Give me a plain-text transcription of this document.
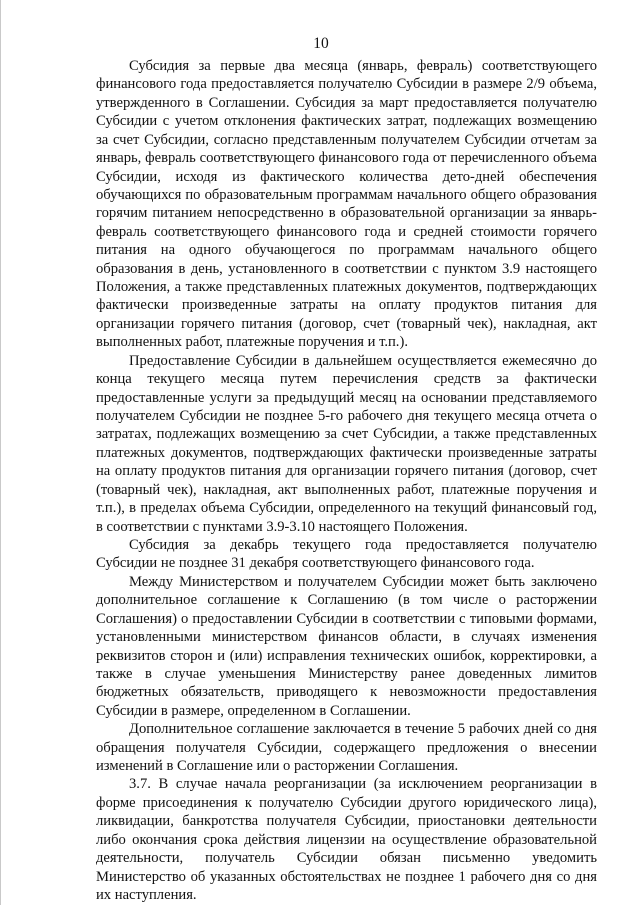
10

Субсидия за первые два месяца (январь, февраль) соответствующего финансового года предоставляется получателю Субсидии в размере 2/9 объема, утвержденного в Соглашении. Субсидия за март предоставляется получателю Субсидии с учетом отклонения фактических затрат, подлежащих возмещению за счет Субсидии, согласно представленным получателем Субсидии отчетам за январь, февраль соответствующего финансового года от перечисленного объема Субсидии, исходя из фактического количества дето-дней обеспечения обучающихся по образовательным программам начального общего образования горячим питанием непосредственно в образовательной организации за январь-февраль соответствующего финансового года и средней стоимости горячего питания на одного обучающегося по программам начального общего образования в день, установленного в соответствии с пунктом 3.9 настоящего Положения, а также представленных платежных документов, подтверждающих фактически произведенные затраты на оплату продуктов питания для организации горячего питания (договор, счет (товарный чек), накладная, акт выполненных работ, платежные поручения и т.п.).

Предоставление Субсидии в дальнейшем осуществляется ежемесячно до конца текущего месяца путем перечисления средств за фактически предоставленные услуги за предыдущий месяц на основании представляемого получателем Субсидии не позднее 5-го рабочего дня текущего месяца отчета о затратах, подлежащих возмещению за счет Субсидии, а также представленных платежных документов, подтверждающих фактически произведенные затраты на оплату продуктов питания для организации горячего питания (договор, счет (товарный чек), накладная, акт выполненных работ, платежные поручения и т.п.), в пределах объема Субсидии, определенного на текущий финансовый год, в соответствии с пунктами 3.9-3.10 настоящего Положения.

Субсидия за декабрь текущего года предоставляется получателю Субсидии не позднее 31 декабря соответствующего финансового года.

Между Министерством и получателем Субсидии может быть заключено дополнительное соглашение к Соглашению (в том числе о расторжении Соглашения) о предоставлении Субсидии в соответствии с типовыми формами, установленными министерством финансов области, в случаях изменения реквизитов сторон и (или) исправления технических ошибок, корректировки, а также в случае уменьшения Министерству ранее доведенных лимитов бюджетных обязательств, приводящего к невозможности предоставления Субсидии в размере, определенном в Соглашении.

Дополнительное соглашение заключается в течение 5 рабочих дней со дня обращения получателя Субсидии, содержащего предложения о внесении изменений в Соглашение или о расторжении Соглашения.

3.7. В случае начала реорганизации (за исключением реорганизации в форме присоединения к получателю Субсидии другого юридического лица), ликвидации, банкротства получателя Субсидии, приостановки деятельности либо окончания срока действия лицензии на осуществление образовательной деятельности, получатель Субсидии обязан письменно уведомить Министерство об указанных обстоятельствах не позднее 1 рабочего дня со дня их наступления.
